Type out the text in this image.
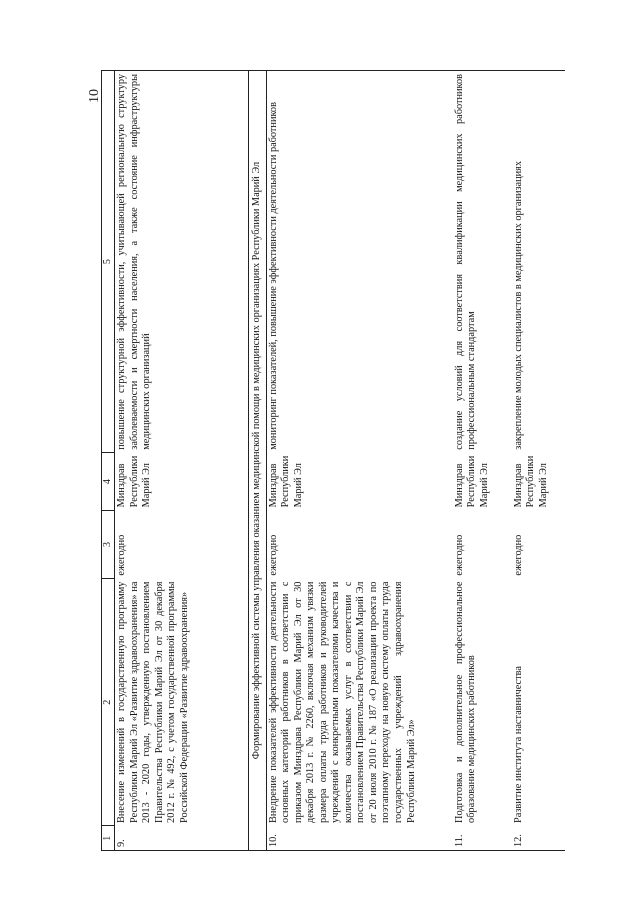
10
1	2	3	4	5
9.	Внесение изменений в государственную программу Республики Марий Эл «Развитие здравоохранения» на 2013 - 2020 годы, утвержденную постановлением Правительства Республики Марий Эл от 30 декабря 2012 г. № 492, с учетом государственной программы Российской Федерации «Развитие здравоохранения»	ежегодно	Минздрав Республики Марий Эл	повышение структурной эффективности, учитывающей региональную структуру заболеваемости и смертности населения, а также состояние инфраструктуры медицинских организаций
Формирование эффективной системы управления оказанием медицинской помощи в медицинских организациях Республики Марий Эл				
10.	Внедрение показателей эффективности деятельности основных категорий работников в соответствии с приказом Минздрава Республики Марий Эл от 30 декабря 2013 г. № 2260, включая механизм увязки размера оплаты труда работников и руководителей учреждений с конкретными показателями качества и количества оказываемых услуг в соответствии с постановлением Правительства Республики Марий Эл от 20 июля 2010 г. № 187 «О реализации проекта по поэтапному переходу на новую систему оплаты труда государственных учреждений здравоохранения Республики Марий Эл»	ежегодно	Минздрав Республики Марий Эл	мониторинг показателей, повышение эффективности деятельности работников
11.	Подготовка и дополнительное профессиональное образование медицинских работников	ежегодно	Минздрав Республики Марий Эл	создание условий для соответствия квалификации медицинских работников профессиональным стандартам
12.	Развитие института наставничества	ежегодно	Минздрав Республики Марий Эл	закрепление молодых специалистов в медицинских организациях
